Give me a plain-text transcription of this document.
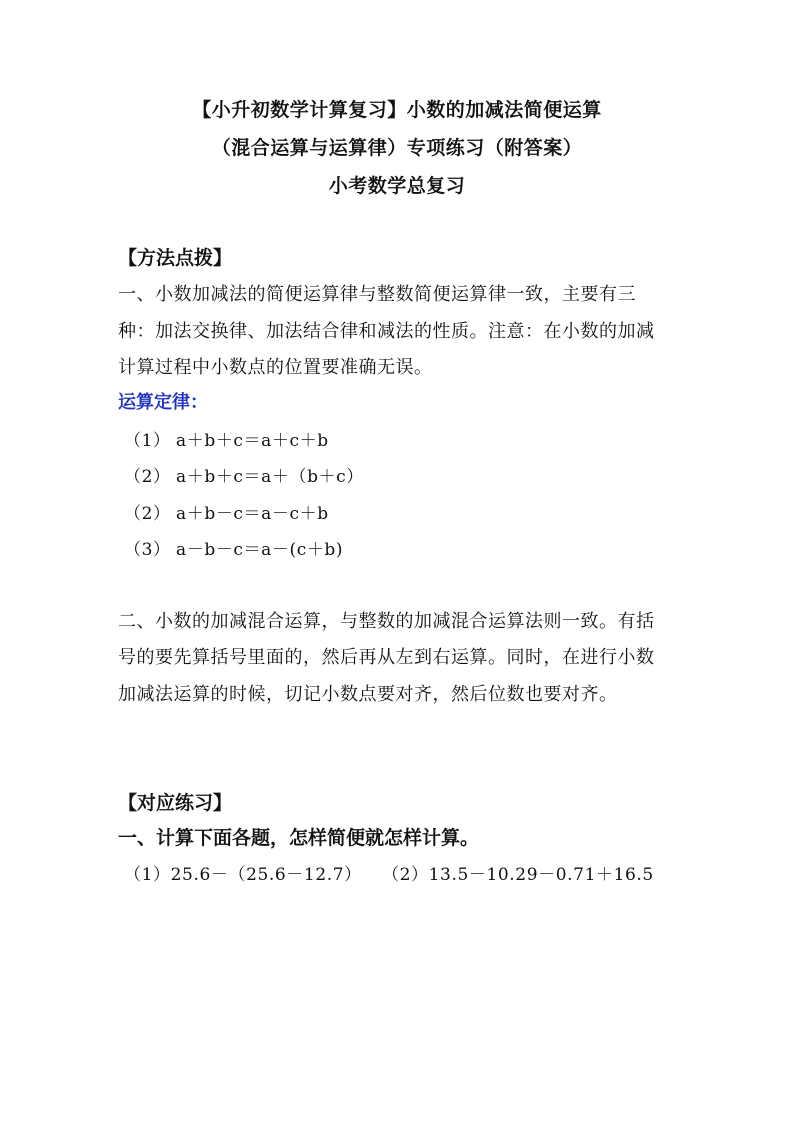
【小升初数学计算复习】小数的加减法简便运算
（混合运算与运算律）专项练习（附答案）
小考数学总复习
【方法点拨】
一、小数加减法的简便运算律与整数简便运算律一致，主要有三
种：加法交换律、加法结合律和减法的性质。注意：在小数的加减
计算过程中小数点的位置要准确无误。
运算定律：
（1） a＋b＋c＝a＋c＋b
（2） a＋b＋c＝a＋（b＋c）
（2） a＋b－c＝a－c＋b
（3） a－b－c＝a－(c＋b)
二、小数的加减混合运算，与整数的加减混合运算法则一致。有括
号的要先算括号里面的，然后再从左到右运算。同时，在进行小数
加减法运算的时候，切记小数点要对齐，然后位数也要对齐。
【对应练习】
一、计算下面各题，怎样简便就怎样计算。
（1）25.6－（25.6－12.7） （2）13.5－10.29－0.71＋16.5
